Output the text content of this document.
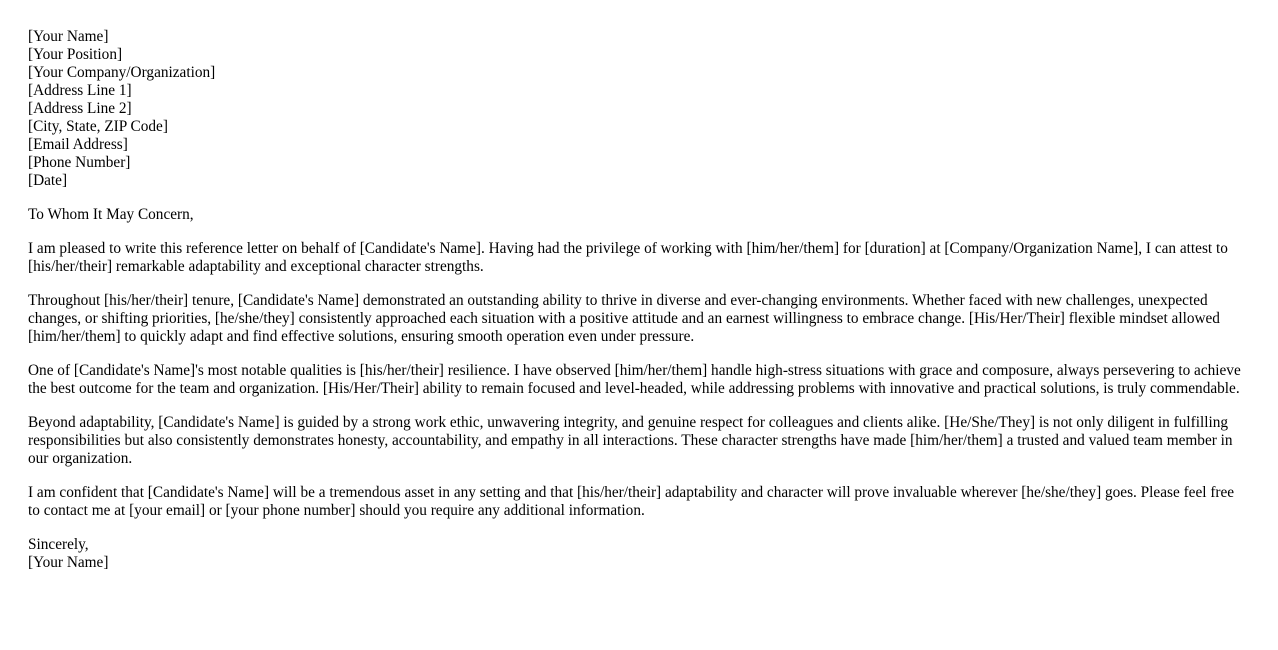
[Your Name]
[Your Position]
[Your Company/Organization]
[Address Line 1]
[Address Line 2]
[City, State, ZIP Code]
[Email Address]
[Phone Number]
[Date]

To Whom It May Concern,

I am pleased to write this reference letter on behalf of [Candidate's Name]. Having had the privilege of working with [him/her/them] for [duration] at [Company/Organization Name], I can attest to [his/her/their] remarkable adaptability and exceptional character strengths.

Throughout [his/her/their] tenure, [Candidate's Name] demonstrated an outstanding ability to thrive in diverse and ever-changing environments. Whether faced with new challenges, unexpected changes, or shifting priorities, [he/she/they] consistently approached each situation with a positive attitude and an earnest willingness to embrace change. [His/Her/Their] flexible mindset allowed [him/her/them] to quickly adapt and find effective solutions, ensuring smooth operation even under pressure.

One of [Candidate's Name]'s most notable qualities is [his/her/their] resilience. I have observed [him/her/them] handle high-stress situations with grace and composure, always persevering to achieve the best outcome for the team and organization. [His/Her/Their] ability to remain focused and level-headed, while addressing problems with innovative and practical solutions, is truly commendable.

Beyond adaptability, [Candidate's Name] is guided by a strong work ethic, unwavering integrity, and genuine respect for colleagues and clients alike. [He/She/They] is not only diligent in fulfilling responsibilities but also consistently demonstrates honesty, accountability, and empathy in all interactions. These character strengths have made [him/her/them] a trusted and valued team member in our organization.

I am confident that [Candidate's Name] will be a tremendous asset in any setting and that [his/her/their] adaptability and character will prove invaluable wherever [he/she/they] goes. Please feel free to contact me at [your email] or [your phone number] should you require any additional information.

Sincerely,
[Your Name]
